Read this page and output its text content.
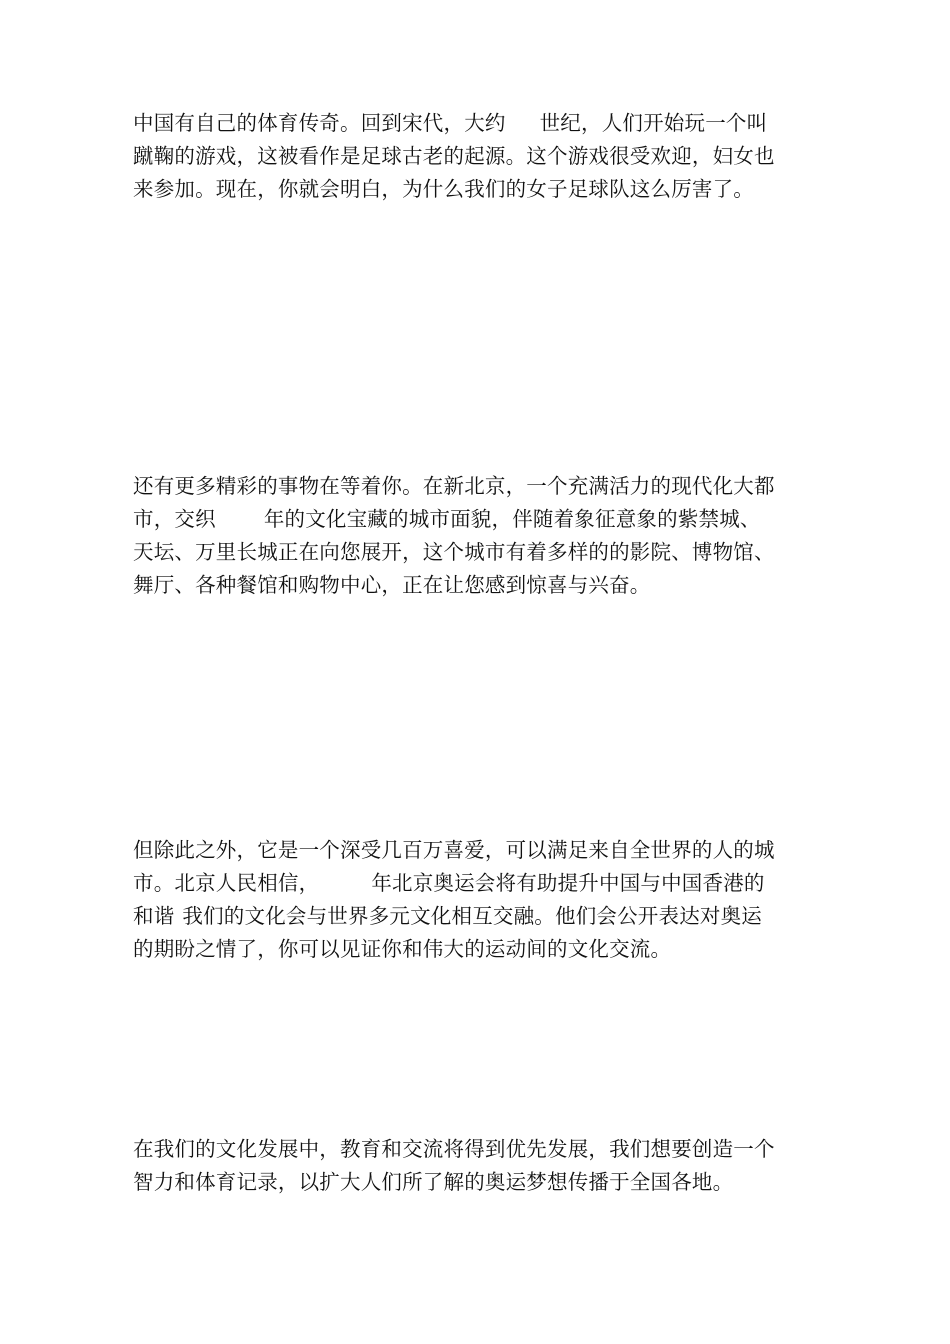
中国有自己的体育传奇。回到宋代，大约 世纪，人们开始玩一个叫
蹴鞠的游戏，这被看作是足球古老的起源。这个游戏很受欢迎，妇女也
来参加。现在，你就会明白，为什么我们的女子足球队这么厉害了。
还有更多精彩的事物在等着你。在新北京，一个充满活力的现代化大都
市，交织 年的文化宝藏的城市面貌，伴随着象征意象的紫禁城、
天坛、万里长城正在向您展开，这个城市有着多样的的影院、博物馆、
舞厅、各种餐馆和购物中心，正在让您感到惊喜与兴奋。
但除此之外，它是一个深受几百万喜爱，可以满足来自全世界的人的城
市。北京人民相信，	年北京奥运会将有助提升中国与中国香港的
和谐 我们的文化会与世界多元文化相互交融。他们会公开表达对奥运
的期盼之情了，你可以见证你和伟大的运动间的文化交流。
在我们的文化发展中，教育和交流将得到优先发展，我们想要创造一个
智力和体育记录，以扩大人们所了解的奥运梦想传播于全国各地。
